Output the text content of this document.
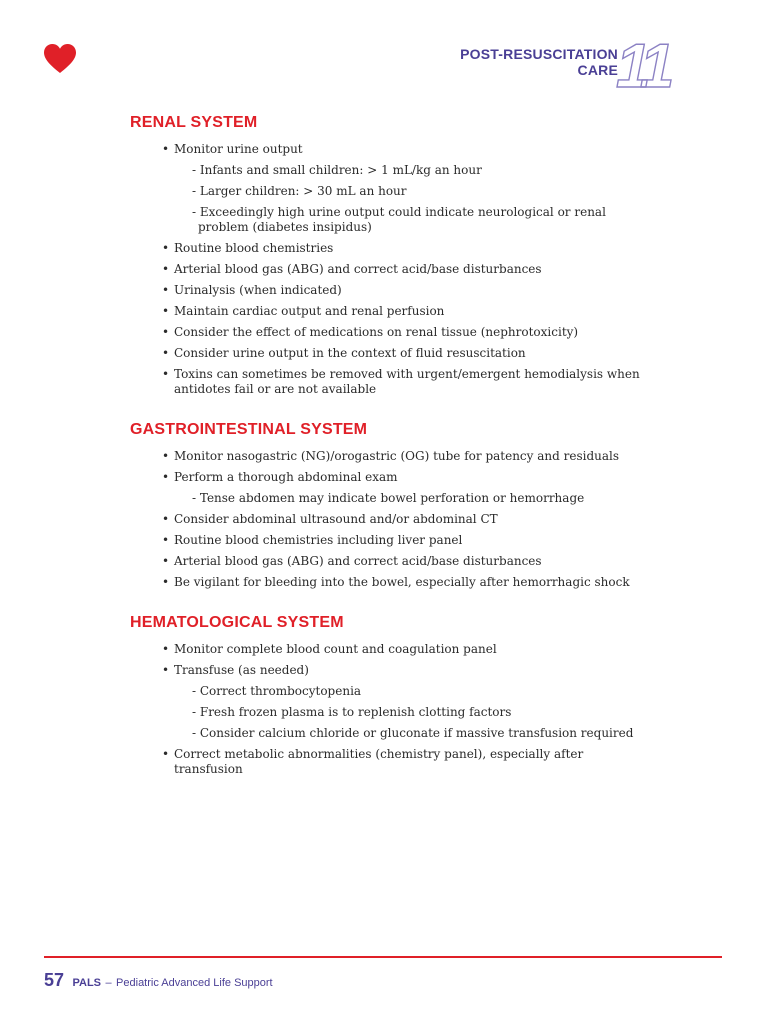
POST-RESUSCITATION
CARE
11
RENAL SYSTEM
• Monitor urine output
- Infants and small children: > 1 mL/kg an hour
- Larger children: > 30 mL an hour
- Exceedingly high urine output could indicate neurological or renal problem (diabetes insipidus)
• Routine blood chemistries
• Arterial blood gas (ABG) and correct acid/base disturbances
• Urinalysis (when indicated)
• Maintain cardiac output and renal perfusion
• Consider the effect of medications on renal tissue (nephrotoxicity)
• Consider urine output in the context of fluid resuscitation
• Toxins can sometimes be removed with urgent/emergent hemodialysis when antidotes fail or are not available
GASTROINTESTINAL SYSTEM
• Monitor nasogastric (NG)/orogastric (OG) tube for patency and residuals
• Perform a thorough abdominal exam
- Tense abdomen may indicate bowel perforation or hemorrhage
• Consider abdominal ultrasound and/or abdominal CT
• Routine blood chemistries including liver panel
• Arterial blood gas (ABG) and correct acid/base disturbances
• Be vigilant for bleeding into the bowel, especially after hemorrhagic shock
HEMATOLOGICAL SYSTEM
• Monitor complete blood count and coagulation panel
• Transfuse (as needed)
- Correct thrombocytopenia
- Fresh frozen plasma is to replenish clotting factors
- Consider calcium chloride or gluconate if massive transfusion required
• Correct metabolic abnormalities (chemistry panel), especially after transfusion
57 PALS – Pediatric Advanced Life Support
